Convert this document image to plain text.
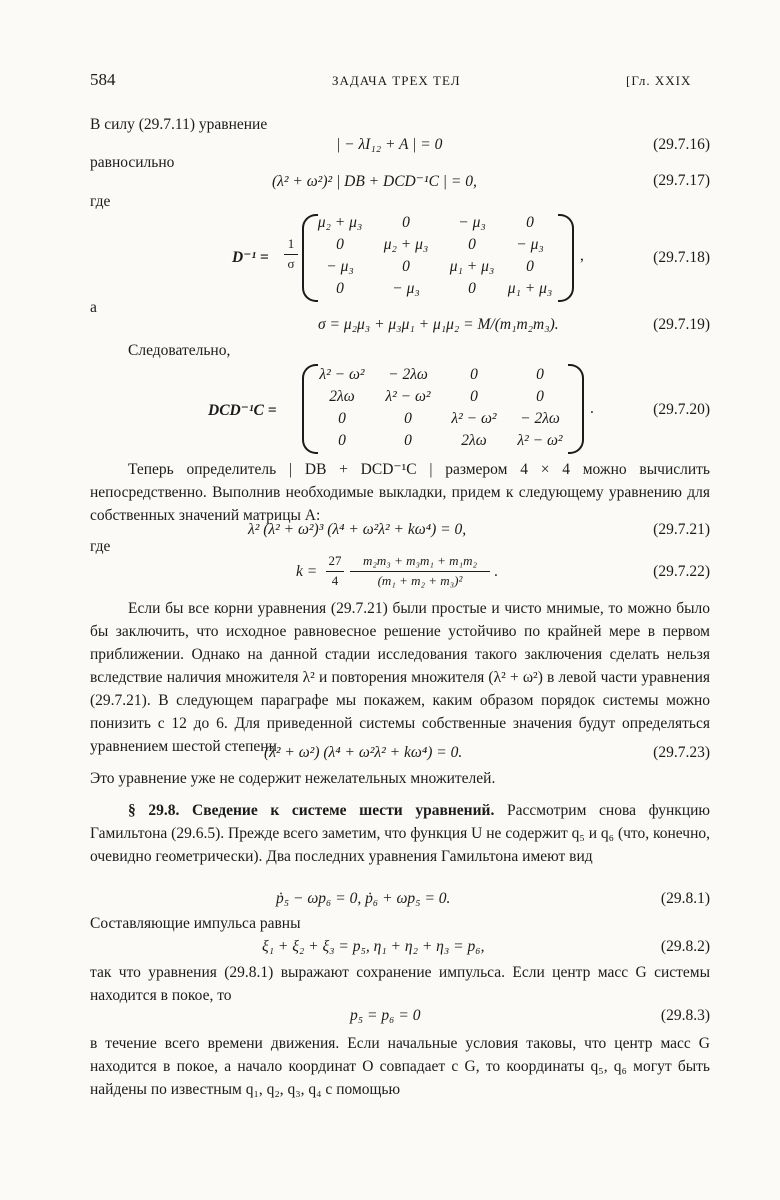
584	ЗАДАЧА ТРЕХ ТЕЛ	[Гл. XXIX
В силу (29.7.11) уравнение
| − λI₁₂ + A | = 0	(29.7.16)
равносильно
(λ² + ω²)² | DB + DCD⁻¹C | = 0,	(29.7.17)
где
D⁻¹ =
1
σ
μ₂ + μ₃	0	− μ₃	0
0	μ₂ + μ₃	0	− μ₃
− μ₃	0	μ₁ + μ₃	0
0	− μ₃	0	μ₁ + μ₃
,	(29.7.18)
а
σ = μ₂μ₃ + μ₃μ₁ + μ₁μ₂ = M/(m₁m₂m₃).	(29.7.19)
Следовательно,
DCD⁻¹C =
λ² − ω²	− 2λω	0	0
2λω	λ² − ω²	0	0
0	0	λ² − ω²	− 2λω
0	0	2λω	λ² − ω²
.	(29.7.20)
Теперь определитель | DB + DCD⁻¹C | размером 4 × 4 можно вычислить непосредственно. Выполнив необходимые выкладки, придем к следующему уравнению для собственных значений матрицы A:
λ² (λ² + ω²)³ (λ⁴ + ω²λ² + kω⁴) = 0,	(29.7.21)
где
k =
27
4
m₂m₃ + m₃m₁ + m₁m₂
(m₁ + m₂ + m₃)²
.	(29.7.22)
Если бы все корни уравнения (29.7.21) были простые и чисто мнимые, то можно было бы заключить, что исходное равновесное решение устойчиво по крайней мере в первом приближении. Однако на данной стадии исследования такого заключения сделать нельзя вследствие наличия множителя λ² и повторения множителя (λ² + ω²) в левой части уравнения (29.7.21). В следующем параграфе мы покажем, каким образом порядок системы можно понизить с 12 до 6. Для приведенной системы собственные значения будут определяться уравнением шестой степени
(λ² + ω²) (λ⁴ + ω²λ² + kω⁴) = 0.	(29.7.23)
Это уравнение уже не содержит нежелательных множителей.
§ 29.8. Сведение к системе шести уравнений. Рассмотрим снова функцию Гамильтона (29.6.5). Прежде всего заметим, что функция U не содержит q₅ и q₆ (что, конечно, очевидно геометрически). Два последних уравнения Гамильтона имеют вид
ṗ₅ − ωp₆ = 0, ṗ₆ + ωp₅ = 0.	(29.8.1)
Составляющие импульса равны
ξ₁ + ξ₂ + ξ₃ = p₅, η₁ + η₂ + η₃ = p₆,	(29.8.2)
так что уравнения (29.8.1) выражают сохранение импульса. Если центр масс G системы находится в покое, то
p₅ = p₆ = 0	(29.8.3)
в течение всего времени движения. Если начальные условия таковы, что центр масс G находится в покое, а начало координат O совпадает с G, то координаты q₅, q₆ могут быть найдены по известным q₁, q₂, q₃, q₄ с помощью
